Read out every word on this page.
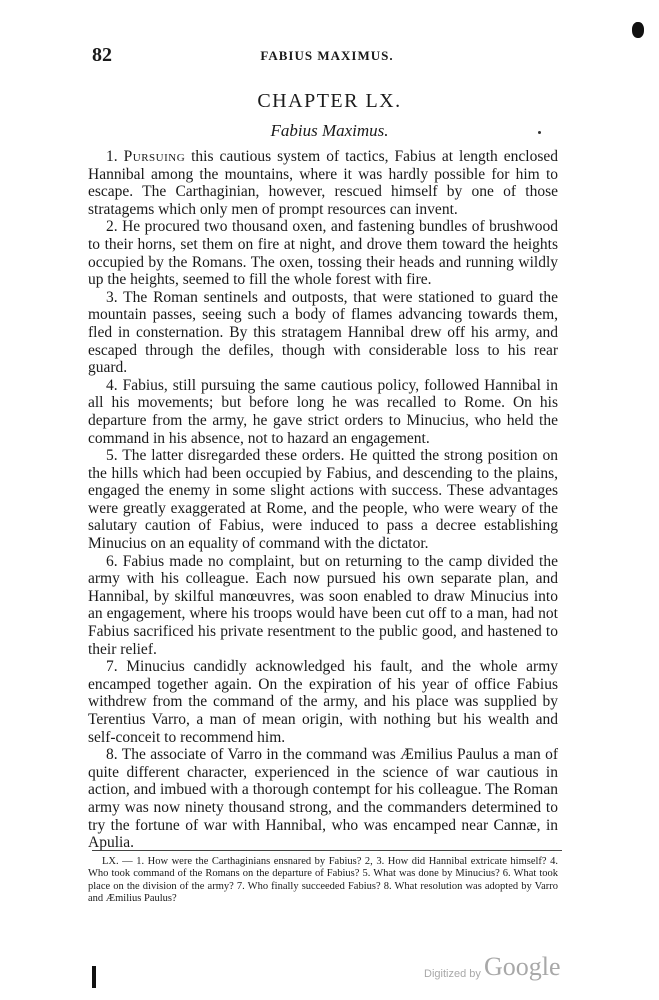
82	FABIUS MAXIMUS.
CHAPTER LX.
Fabius Maximus.

1. Pursuing this cautious system of tactics, Fabius at length enclosed Hannibal among the mountains, where it was hardly possible for him to escape. The Carthaginian, however, rescued himself by one of those stratagems which only men of prompt resources can invent.

2. He procured two thousand oxen, and fastening bundles of brushwood to their horns, set them on fire at night, and drove them toward the heights occupied by the Romans. The oxen, tossing their heads and running wildly up the heights, seemed to fill the whole forest with fire.

3. The Roman sentinels and outposts, that were stationed to guard the mountain passes, seeing such a body of flames advancing towards them, fled in consternation. By this stratagem Hannibal drew off his army, and escaped through the defiles, though with considerable loss to his rear guard.

4. Fabius, still pursuing the same cautious policy, followed Hannibal in all his movements; but before long he was recalled to Rome. On his departure from the army, he gave strict orders to Minucius, who held the command in his absence, not to hazard an engagement.

5. The latter disregarded these orders. He quitted the strong position on the hills which had been occupied by Fabius, and descending to the plains, engaged the enemy in some slight actions with success. These advantages were greatly exaggerated at Rome, and the people, who were weary of the salutary caution of Fabius, were induced to pass a decree establishing Minucius on an equality of command with the dictator.

6. Fabius made no complaint, but on returning to the camp divided the army with his colleague. Each now pursued his own separate plan, and Hannibal, by skilful manœuvres, was soon enabled to draw Minucius into an engagement, where his troops would have been cut off to a man, had not Fabius sacrificed his private resentment to the public good, and hastened to their relief.

7. Minucius candidly acknowledged his fault, and the whole army encamped together again. On the expiration of his year of office Fabius withdrew from the command of the army, and his place was supplied by Terentius Varro, a man of mean origin, with nothing but his wealth and self-conceit to recommend him.

8. The associate of Varro in the command was Æmilius Paulus a man of quite different character, experienced in the science of war cautious in action, and imbued with a thorough contempt for his colleague. The Roman army was now ninety thousand strong, and the commanders determined to try the fortune of war with Hannibal, who was encamped near Cannæ, in Apulia.

LX. — 1. How were the Carthaginians ensnared by Fabius? 2, 3. How did Hannibal extricate himself? 4. Who took command of the Romans on the departure of Fabius? 5. What was done by Minucius? 6. What took place on the division of the army? 7. Who finally succeeded Fabius? 8. What resolution was adopted by Varro and Æmilius Paulus?

Digitized by Google
